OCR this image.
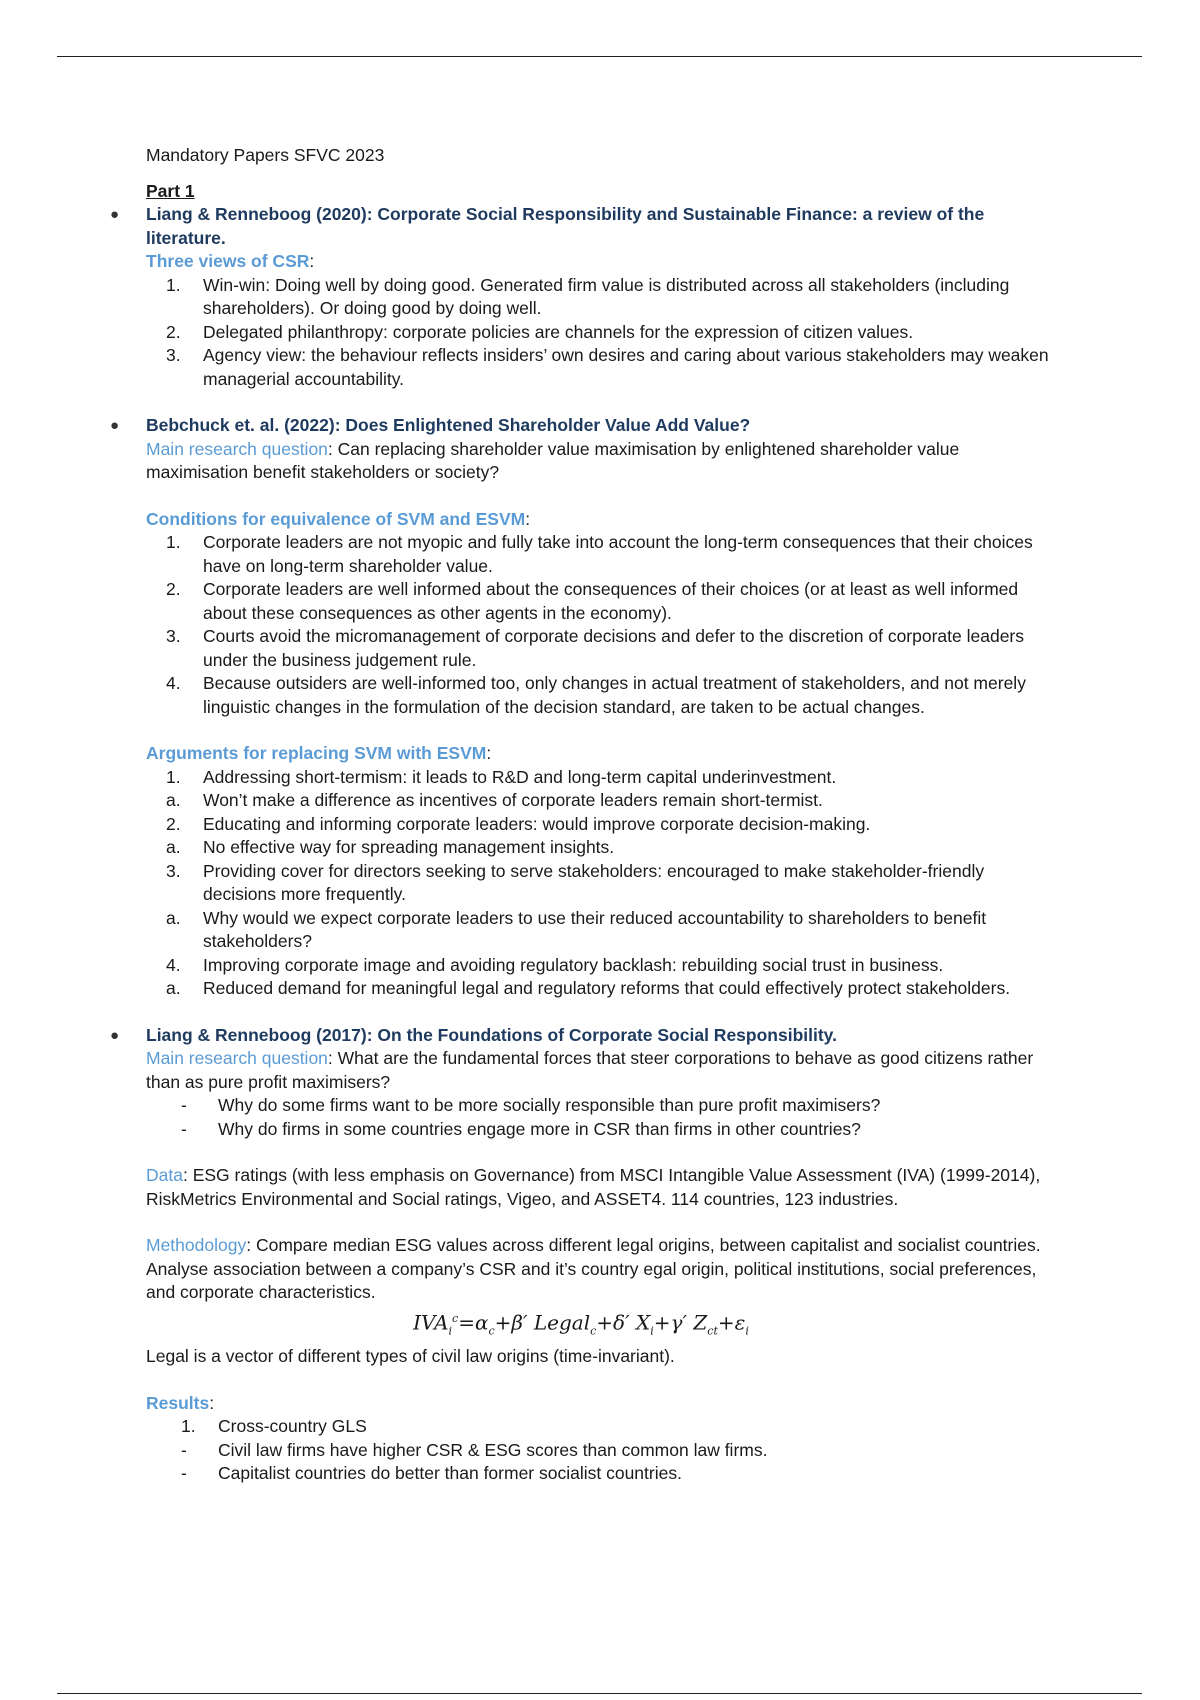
Mandatory Papers SFVC 2023
Part 1
● Liang & Renneboog (2020): Corporate Social Responsibility and Sustainable Finance: a review of the literature.
Three views of CSR:
1.	Win-win: Doing well by doing good. Generated firm value is distributed across all stakeholders (including shareholders). Or doing good by doing well.
2.	Delegated philanthropy: corporate policies are channels for the expression of citizen values.
3.	Agency view: the behaviour reflects insiders’ own desires and caring about various stakeholders may weaken managerial accountability.
● Bebchuck et. al. (2022): Does Enlightened Shareholder Value Add Value?
Main research question: Can replacing shareholder value maximisation by enlightened shareholder value maximisation benefit stakeholders or society?
Conditions for equivalence of SVM and ESVM:
1.	Corporate leaders are not myopic and fully take into account the long-term consequences that their choices have on long-term shareholder value.
2.	Corporate leaders are well informed about the consequences of their choices (or at least as well informed about these consequences as other agents in the economy).
3.	Courts avoid the micromanagement of corporate decisions and defer to the discretion of corporate leaders under the business judgement rule.
4.	Because outsiders are well-informed too, only changes in actual treatment of stakeholders, and not merely linguistic changes in the formulation of the decision standard, are taken to be actual changes.
Arguments for replacing SVM with ESVM:
1.	Addressing short-termism: it leads to R&D and long-term capital underinvestment.
a.	Won’t make a difference as incentives of corporate leaders remain short-termist.
2.	Educating and informing corporate leaders: would improve corporate decision-making.
a.	No effective way for spreading management insights.
3.	Providing cover for directors seeking to serve stakeholders: encouraged to make stakeholder-friendly decisions more frequently.
a.	Why would we expect corporate leaders to use their reduced accountability to shareholders to benefit stakeholders?
4.	Improving corporate image and avoiding regulatory backlash: rebuilding social trust in business.
a.	Reduced demand for meaningful legal and regulatory reforms that could effectively protect stakeholders.
● Liang & Renneboog (2017): On the Foundations of Corporate Social Responsibility.
Main research question: What are the fundamental forces that steer corporations to behave as good citizens rather than as pure profit maximisers?
- Why do some firms want to be more socially responsible than pure profit maximisers?
- Why do firms in some countries engage more in CSR than firms in other countries?
Data: ESG ratings (with less emphasis on Governance) from MSCI Intangible Value Assessment (IVA) (1999-2014), RiskMetrics Environmental and Social ratings, Vigeo, and ASSET4. 114 countries, 123 industries.
Methodology: Compare median ESG values across different legal origins, between capitalist and socialist countries. Analyse association between a company’s CSR and it’s country egal origin, political institutions, social preferences, and corporate characteristics.
$IVA_i^c=\alpha_c+\beta'$ Legal$_c$+δ′ $X_i+\gamma'$ $Z_{ct}+\varepsilon_i$
Legal is a vector of different types of civil law origins (time-invariant).
Results:
1.	Cross-country GLS
- Civil law firms have higher CSR & ESG scores than common law firms.
- Capitalist countries do better than former socialist countries.
